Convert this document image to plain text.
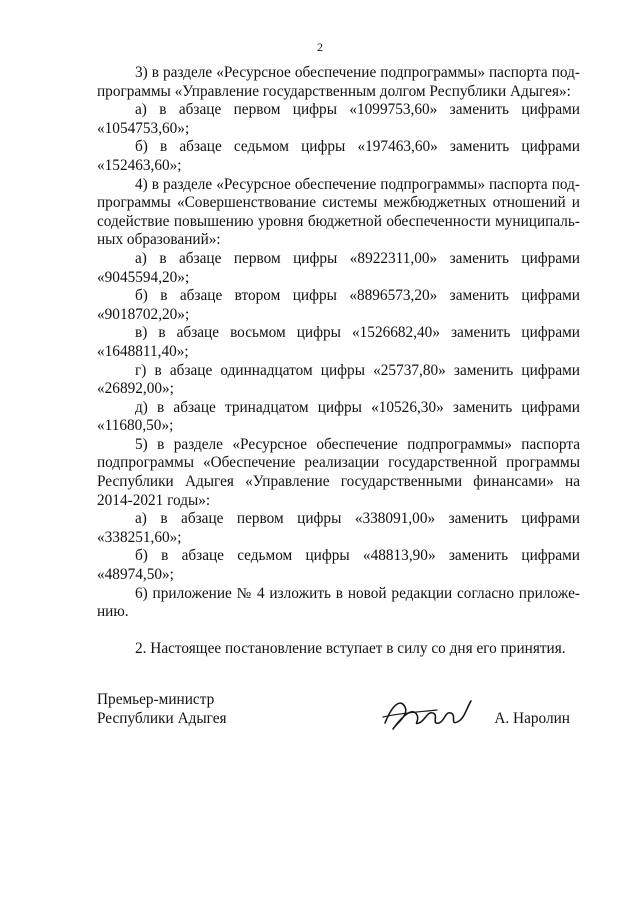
2

3) в разделе «Ресурсное обеспечение подпрограммы» паспорта подпрограммы «Управление государственным долгом Республики Адыгея»:

а) в абзаце первом цифры «1099753,60» заменить цифрами «1054753,60»;

б) в абзаце седьмом цифры «197463,60» заменить цифрами «152463,60»;

4) в разделе «Ресурсное обеспечение подпрограммы» паспорта подпрограммы «Совершенствование системы межбюджетных отношений и содействие повышению уровня бюджетной обеспеченности муниципальных образований»:

а) в абзаце первом цифры «8922311,00» заменить цифрами «9045594,20»;

б) в абзаце втором цифры «8896573,20» заменить цифрами «9018702,20»;

в) в абзаце восьмом цифры «1526682,40» заменить цифрами «1648811,40»;

г) в абзаце одиннадцатом цифры «25737,80» заменить цифрами «26892,00»;

д) в абзаце тринадцатом цифры «10526,30» заменить цифрами «11680,50»;

5) в разделе «Ресурсное обеспечение подпрограммы» паспорта подпрограммы «Обеспечение реализации государственной программы Республики Адыгея «Управление государственными финансами» на 2014-2021 годы»:

а) в абзаце первом цифры «338091,00» заменить цифрами «338251,60»;

б) в абзаце седьмом цифры «48813,90» заменить цифрами «48974,50»;

6) приложение № 4 изложить в новой редакции согласно приложению.

2. Настоящее постановление вступает в силу со дня его принятия.

Премьер-министр
Республики Адыгея	А. Наролин
